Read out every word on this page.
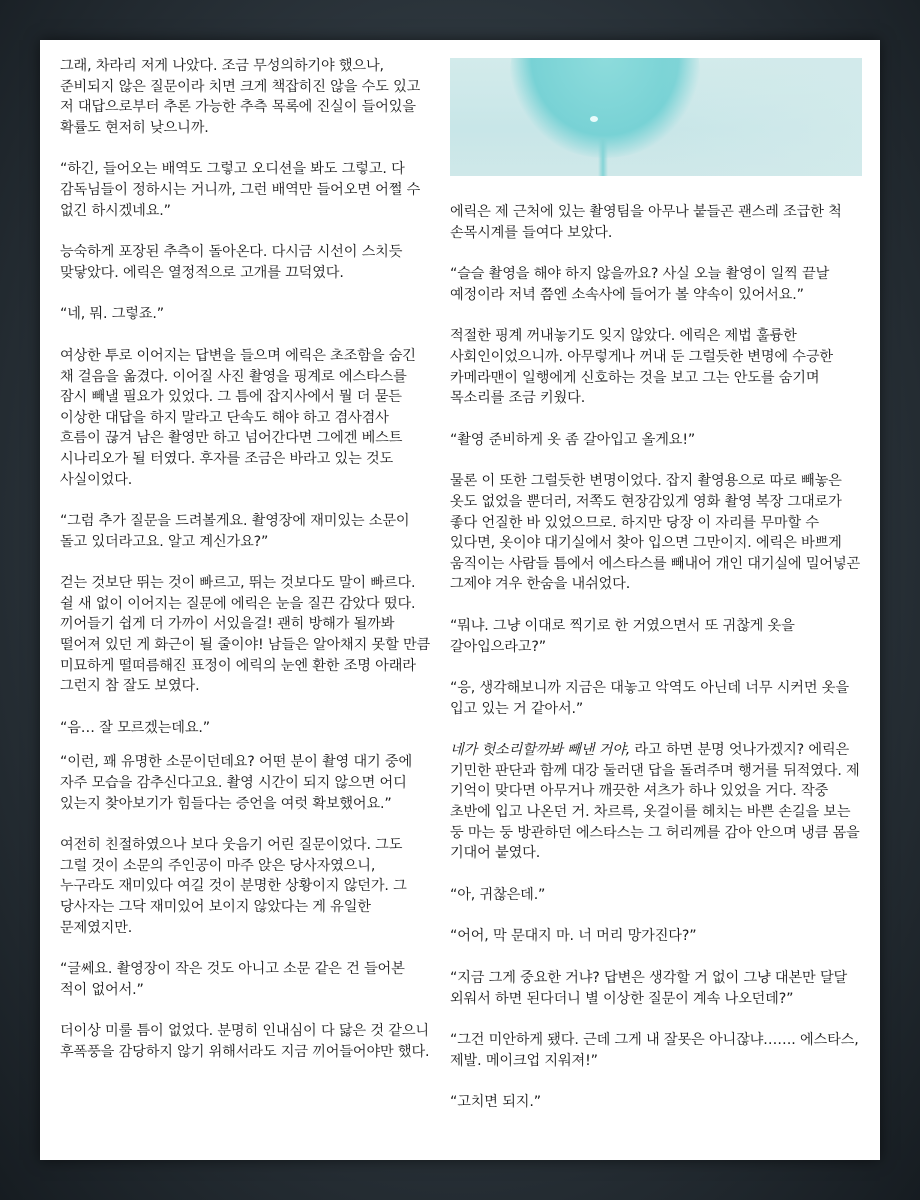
그래, 차라리 저게 나았다. 조금 무성의하기야 했으나, 준비되지 않은 질문이라 치면 크게 책잡히진 않을 수도 있고 저 대답으로부터 추론 가능한 추측 목록에 진실이 들어있을 확률도 현저히 낮으니까.

“하긴, 들어오는 배역도 그렇고 오디션을 봐도 그렇고. 다 감독님들이 정하시는 거니까, 그런 배역만 들어오면 어쩔 수 없긴 하시겠네요.”

능숙하게 포장된 추측이 돌아온다. 다시금 시선이 스치듯 맞닿았다. 에릭은 열정적으로 고개를 끄덕였다.

“네, 뭐. 그렇죠.”

여상한 투로 이어지는 답변을 들으며 에릭은 초조함을 숨긴 채 걸음을 옮겼다. 이어질 사진 촬영을 핑계로 에스타스를 잠시 빼낼 필요가 있었다. 그 틈에 잡지사에서 뭘 더 묻든 이상한 대답을 하지 말라고 단속도 해야 하고 겸사겸사 흐름이 끊겨 남은 촬영만 하고 넘어간다면 그에겐 베스트 시나리오가 될 터였다. 후자를 조금은 바라고 있는 것도 사실이었다.

“그럼 추가 질문을 드려볼게요. 촬영장에 재미있는 소문이 돌고 있더라고요. 알고 계신가요?”

걷는 것보단 뛰는 것이 빠르고, 뛰는 것보다도 말이 빠르다. 쉴 새 없이 이어지는 질문에 에릭은 눈을 질끈 감았다 떴다. 끼어들기 쉽게 더 가까이 서있을걸! 괜히 방해가 될까봐 떨어져 있던 게 화근이 될 줄이야! 남들은 알아채지 못할 만큼 미묘하게 떨떠름해진 표정이 에릭의 눈엔 환한 조명 아래라 그런지 참 잘도 보였다.

“음… 잘 모르겠는데요.”

“이런, 꽤 유명한 소문이던데요? 어떤 분이 촬영 대기 중에 자주 모습을 감추신다고요. 촬영 시간이 되지 않으면 어디 있는지 찾아보기가 힘들다는 증언을 여럿 확보했어요.”

여전히 친절하였으나 보다 웃음기 어린 질문이었다. 그도 그럴 것이 소문의 주인공이 마주 앉은 당사자였으니, 누구라도 재미있다 여길 것이 분명한 상황이지 않던가. 그 당사자는 그닥 재미있어 보이지 않았다는 게 유일한 문제였지만.

“글쎄요. 촬영장이 작은 것도 아니고 소문 같은 건 들어본 적이 없어서.”

더이상 미룰 틈이 없었다. 분명히 인내심이 다 닳은 것 같으니 후폭풍을 감당하지 않기 위해서라도 지금 끼어들어야만 했다.

에릭은 제 근처에 있는 촬영팀을 아무나 붙들곤 괜스레 조급한 척 손목시계를 들여다 보았다.

“슬슬 촬영을 해야 하지 않을까요? 사실 오늘 촬영이 일찍 끝날 예정이라 저녁 쯤엔 소속사에 들어가 볼 약속이 있어서요.”

적절한 핑계 꺼내놓기도 잊지 않았다. 에릭은 제법 훌륭한 사회인이었으니까. 아무렇게나 꺼내 둔 그럴듯한 변명에 수긍한 카메라맨이 일행에게 신호하는 것을 보고 그는 안도를 숨기며 목소리를 조금 키웠다.

“촬영 준비하게 옷 좀 갈아입고 올게요!”

물론 이 또한 그럴듯한 변명이었다. 잡지 촬영용으로 따로 빼놓은 옷도 없었을 뿐더러, 저쪽도 현장감있게 영화 촬영 복장 그대로가 좋다 언질한 바 있었으므로. 하지만 당장 이 자리를 무마할 수 있다면, 옷이야 대기실에서 찾아 입으면 그만이지. 에릭은 바쁘게 움직이는 사람들 틈에서 에스타스를 빼내어 개인 대기실에 밀어넣곤 그제야 겨우 한숨을 내쉬었다.

“뭐냐. 그냥 이대로 찍기로 한 거였으면서 또 귀찮게 옷을 갈아입으라고?”

“응, 생각해보니까 지금은 대놓고 악역도 아닌데 너무 시커먼 옷을 입고 있는 거 같아서.”

네가 헛소리할까봐 빼낸 거야, 라고 하면 분명 엇나가겠지? 에릭은 기민한 판단과 함께 대강 둘러댄 답을 돌려주며 행거를 뒤적였다. 제 기억이 맞다면 아무거나 깨끗한 셔츠가 하나 있었을 거다. 작중 초반에 입고 나온던 거. 차르륵, 옷걸이를 헤치는 바쁜 손길을 보는 둥 마는 둥 방관하던 에스타스는 그 허리께를 감아 안으며 냉큼 몸을 기대어 붙였다.

“아, 귀찮은데.”

“어어, 막 문대지 마. 너 머리 망가진다?”

“지금 그게 중요한 거냐? 답변은 생각할 거 없이 그냥 대본만 달달 외워서 하면 된다더니 별 이상한 질문이 계속 나오던데?”

“그건 미안하게 됐다. 근데 그게 내 잘못은 아니잖냐……. 에스타스, 제발. 메이크업 지워져!”

“고치면 되지.”
